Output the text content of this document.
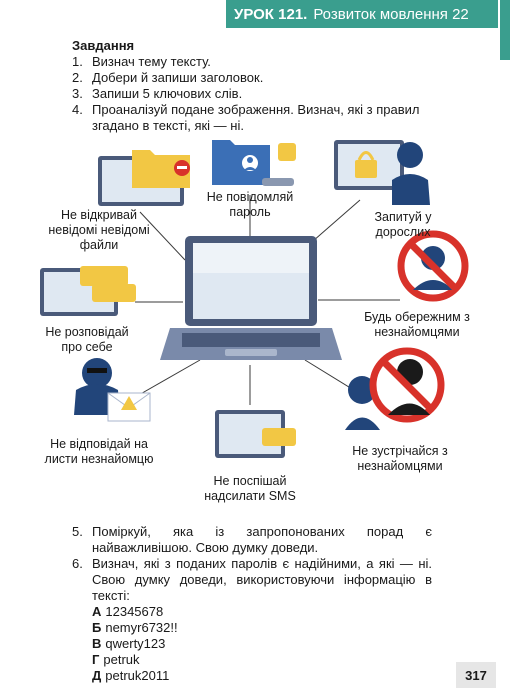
УРОК 121. Розвиток мовлення 22
Завдання
1. Визнач тему тексту.
2. Добери й запиши заголовок.
3. Запиши 5 ключових слів.
4. Проаналізуй подане зображення. Визнач, які з правил згадано в тексті, які — ні.
Не відкривай невідомі невідомі файли
Не повідомляй пароль	Запитуй у дорослих
Не розповідай про себе
Будь обережним з незнайомцями
Не відповідай на листи незнайомцю
Не поспішай надсилати SMS
Не зустрічайся з незнайомцями
5. Поміркуй, яка із запропонованих порад є найважливішою. Свою думку доведи.
6. Визнач, які з поданих паролів є надійними, а які — ні. Свою думку доведи, використовуючи інформацію в тексті:
А 12345678
Б nemyr6732!!
В qwerty123
Г petruk
Д petruk2011	317
